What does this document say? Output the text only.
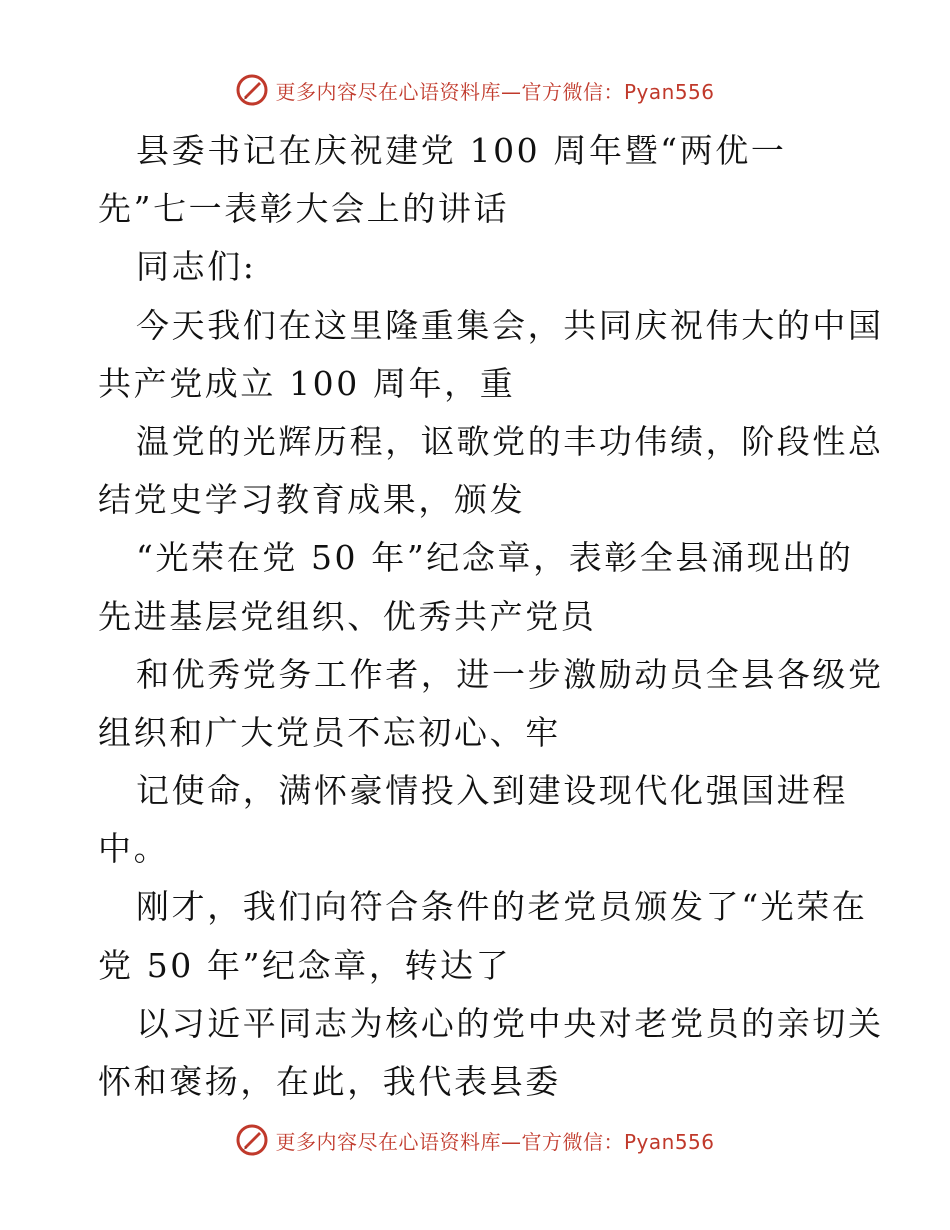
更多内容尽在心语资料库—官方微信：Pyan556
县委书记在庆祝建党 100 周年暨“两优一
先”七一表彰大会上的讲话
同志们:
今天我们在这里隆重集会，共同庆祝伟大的中国
共产党成立 100 周年，重
温党的光辉历程，讴歌党的丰功伟绩，阶段性总
结党史学习教育成果，颁发
“光荣在党 50 年”纪念章，表彰全县涌现出的
先进基层党组织、优秀共产党员
和优秀党务工作者，进一步激励动员全县各级党
组织和广大党员不忘初心、牢
记使命，满怀豪情投入到建设现代化强国进程
中。
刚才，我们向符合条件的老党员颁发了“光荣在
党 50 年”纪念章，转达了
以习近平同志为核心的党中央对老党员的亲切关
怀和褒扬，在此，我代表县委
更多内容尽在心语资料库—官方微信：Pyan556
